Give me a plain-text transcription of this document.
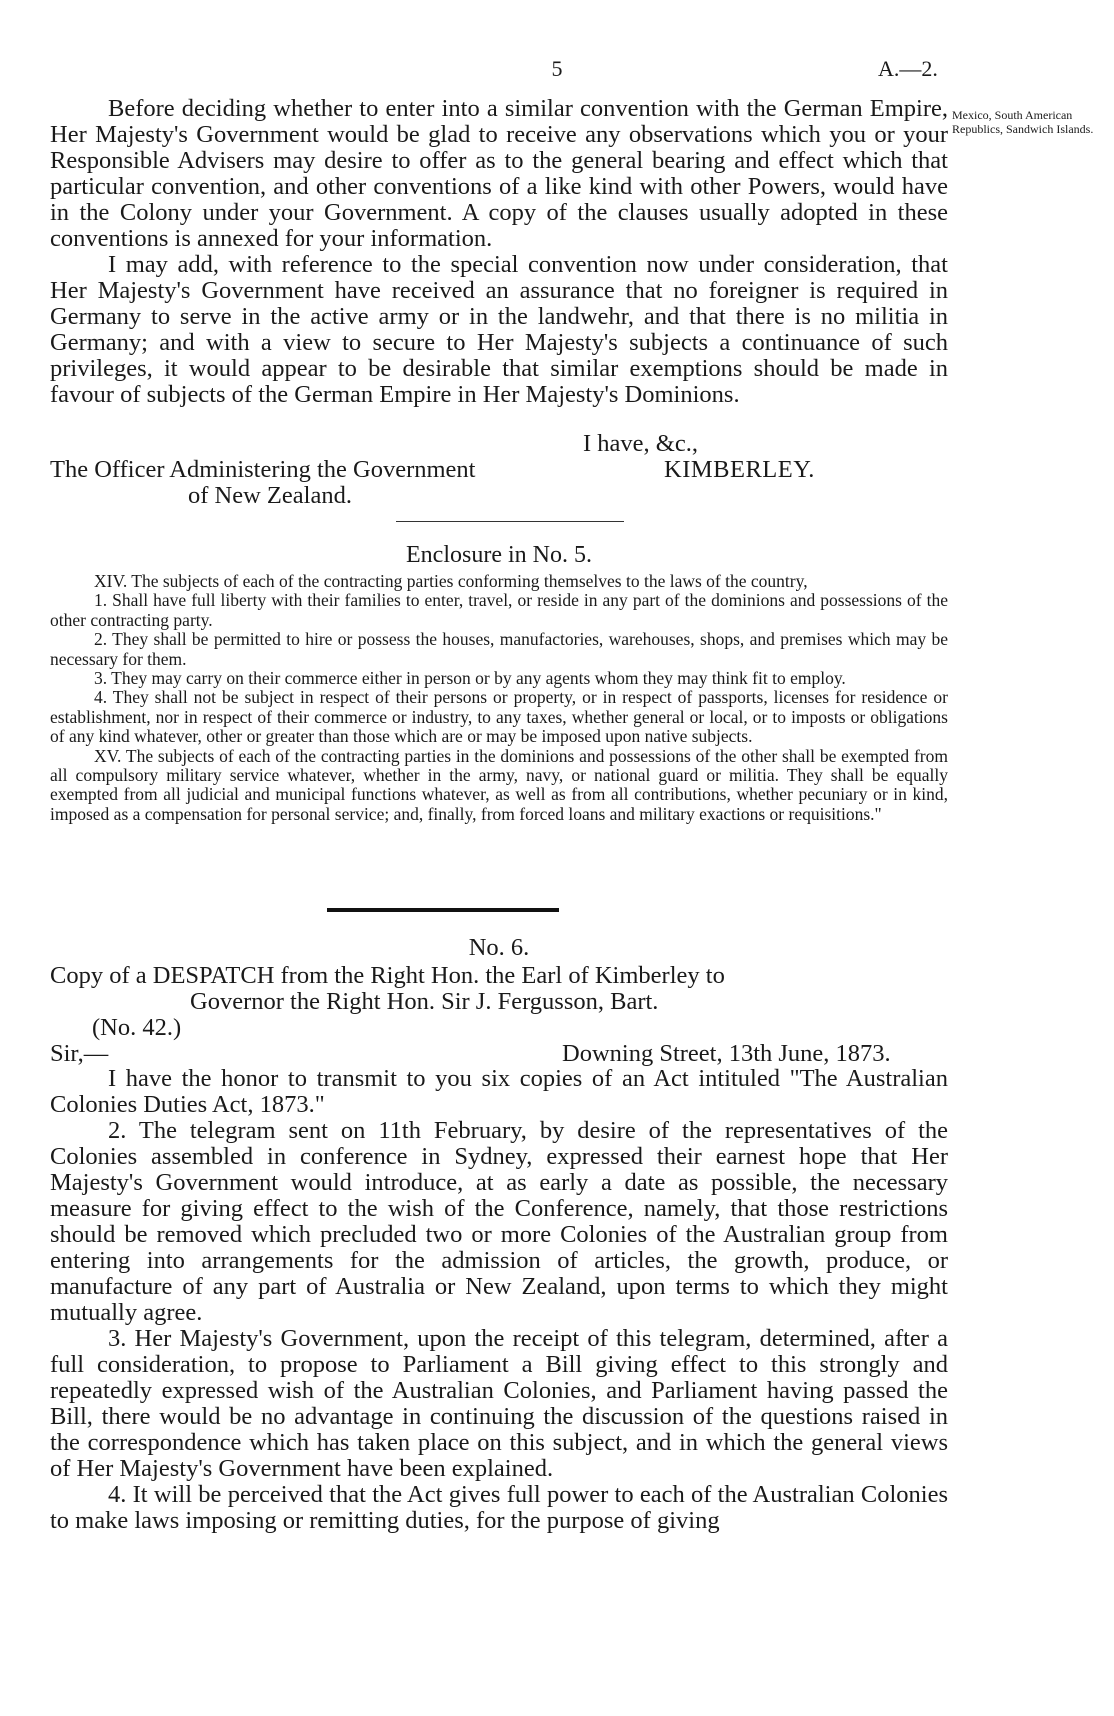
5	A.—2.
Mexico, South American Republics, Sandwich Islands.

Before deciding whether to enter into a similar convention with the German Empire, Her Majesty's Government would be glad to receive any observations which you or your Responsible Advisers may desire to offer as to the general bearing and effect which that particular convention, and other conventions of a like kind with other Powers, would have in the Colony under your Government. A copy of the clauses usually adopted in these conventions is annexed for your information.

I may add, with reference to the special convention now under consideration, that Her Majesty's Government have received an assurance that no foreigner is required in Germany to serve in the active army or in the landwehr, and that there is no militia in Germany; and with a view to secure to Her Majesty's subjects a continuance of such privileges, it would appear to be desirable that similar exemptions should be made in favour of subjects of the German Empire in Her Majesty's Dominions.

I have, &c.,
The Officer Administering the Government
of New Zealand.
KIMBERLEY.
Enclosure in No. 5.

XIV. The subjects of each of the contracting parties conforming themselves to the laws of the country,

1. Shall have full liberty with their families to enter, travel, or reside in any part of the dominions and possessions of the other contracting party.

2. They shall be permitted to hire or possess the houses, manufactories, warehouses, shops, and premises which may be necessary for them.

3. They may carry on their commerce either in person or by any agents whom they may think fit to employ.

4. They shall not be subject in respect of their persons or property, or in respect of passports, licenses for residence or establishment, nor in respect of their commerce or industry, to any taxes, whether general or local, or to imposts or obligations of any kind whatever, other or greater than those which are or may be imposed upon native subjects.

XV. The subjects of each of the contracting parties in the dominions and possessions of the other shall be exempted from all compulsory military service whatever, whether in the army, navy, or national guard or militia. They shall be equally exempted from all judicial and municipal functions whatever, as well as from all contributions, whether pecuniary or in kind, imposed as a compensation for personal service; and, finally, from forced loans and military exactions or requisitions."

No. 6.
Copy of a DESPATCH from the Right Hon. the Earl of Kimberley to
Governor the Right Hon. Sir J. Fergusson, Bart.
(No. 42.)
Sir,—	Downing Street, 13th June, 1873.

I have the honor to transmit to you six copies of an Act intituled "The Australian Colonies Duties Act, 1873."

2. The telegram sent on 11th February, by desire of the representatives of the Colonies assembled in conference in Sydney, expressed their earnest hope that Her Majesty's Government would introduce, at as early a date as possible, the necessary measure for giving effect to the wish of the Conference, namely, that those restrictions should be removed which precluded two or more Colonies of the Australian group from entering into arrangements for the admission of articles, the growth, produce, or manufacture of any part of Australia or New Zealand, upon terms to which they might mutually agree.

3. Her Majesty's Government, upon the receipt of this telegram, determined, after a full consideration, to propose to Parliament a Bill giving effect to this strongly and repeatedly expressed wish of the Australian Colonies, and Parliament having passed the Bill, there would be no advantage in continuing the discussion of the questions raised in the correspondence which has taken place on this subject, and in which the general views of Her Majesty's Government have been explained.

4. It will be perceived that the Act gives full power to each of the Australian Colonies to make laws imposing or remitting duties, for the purpose of giving
